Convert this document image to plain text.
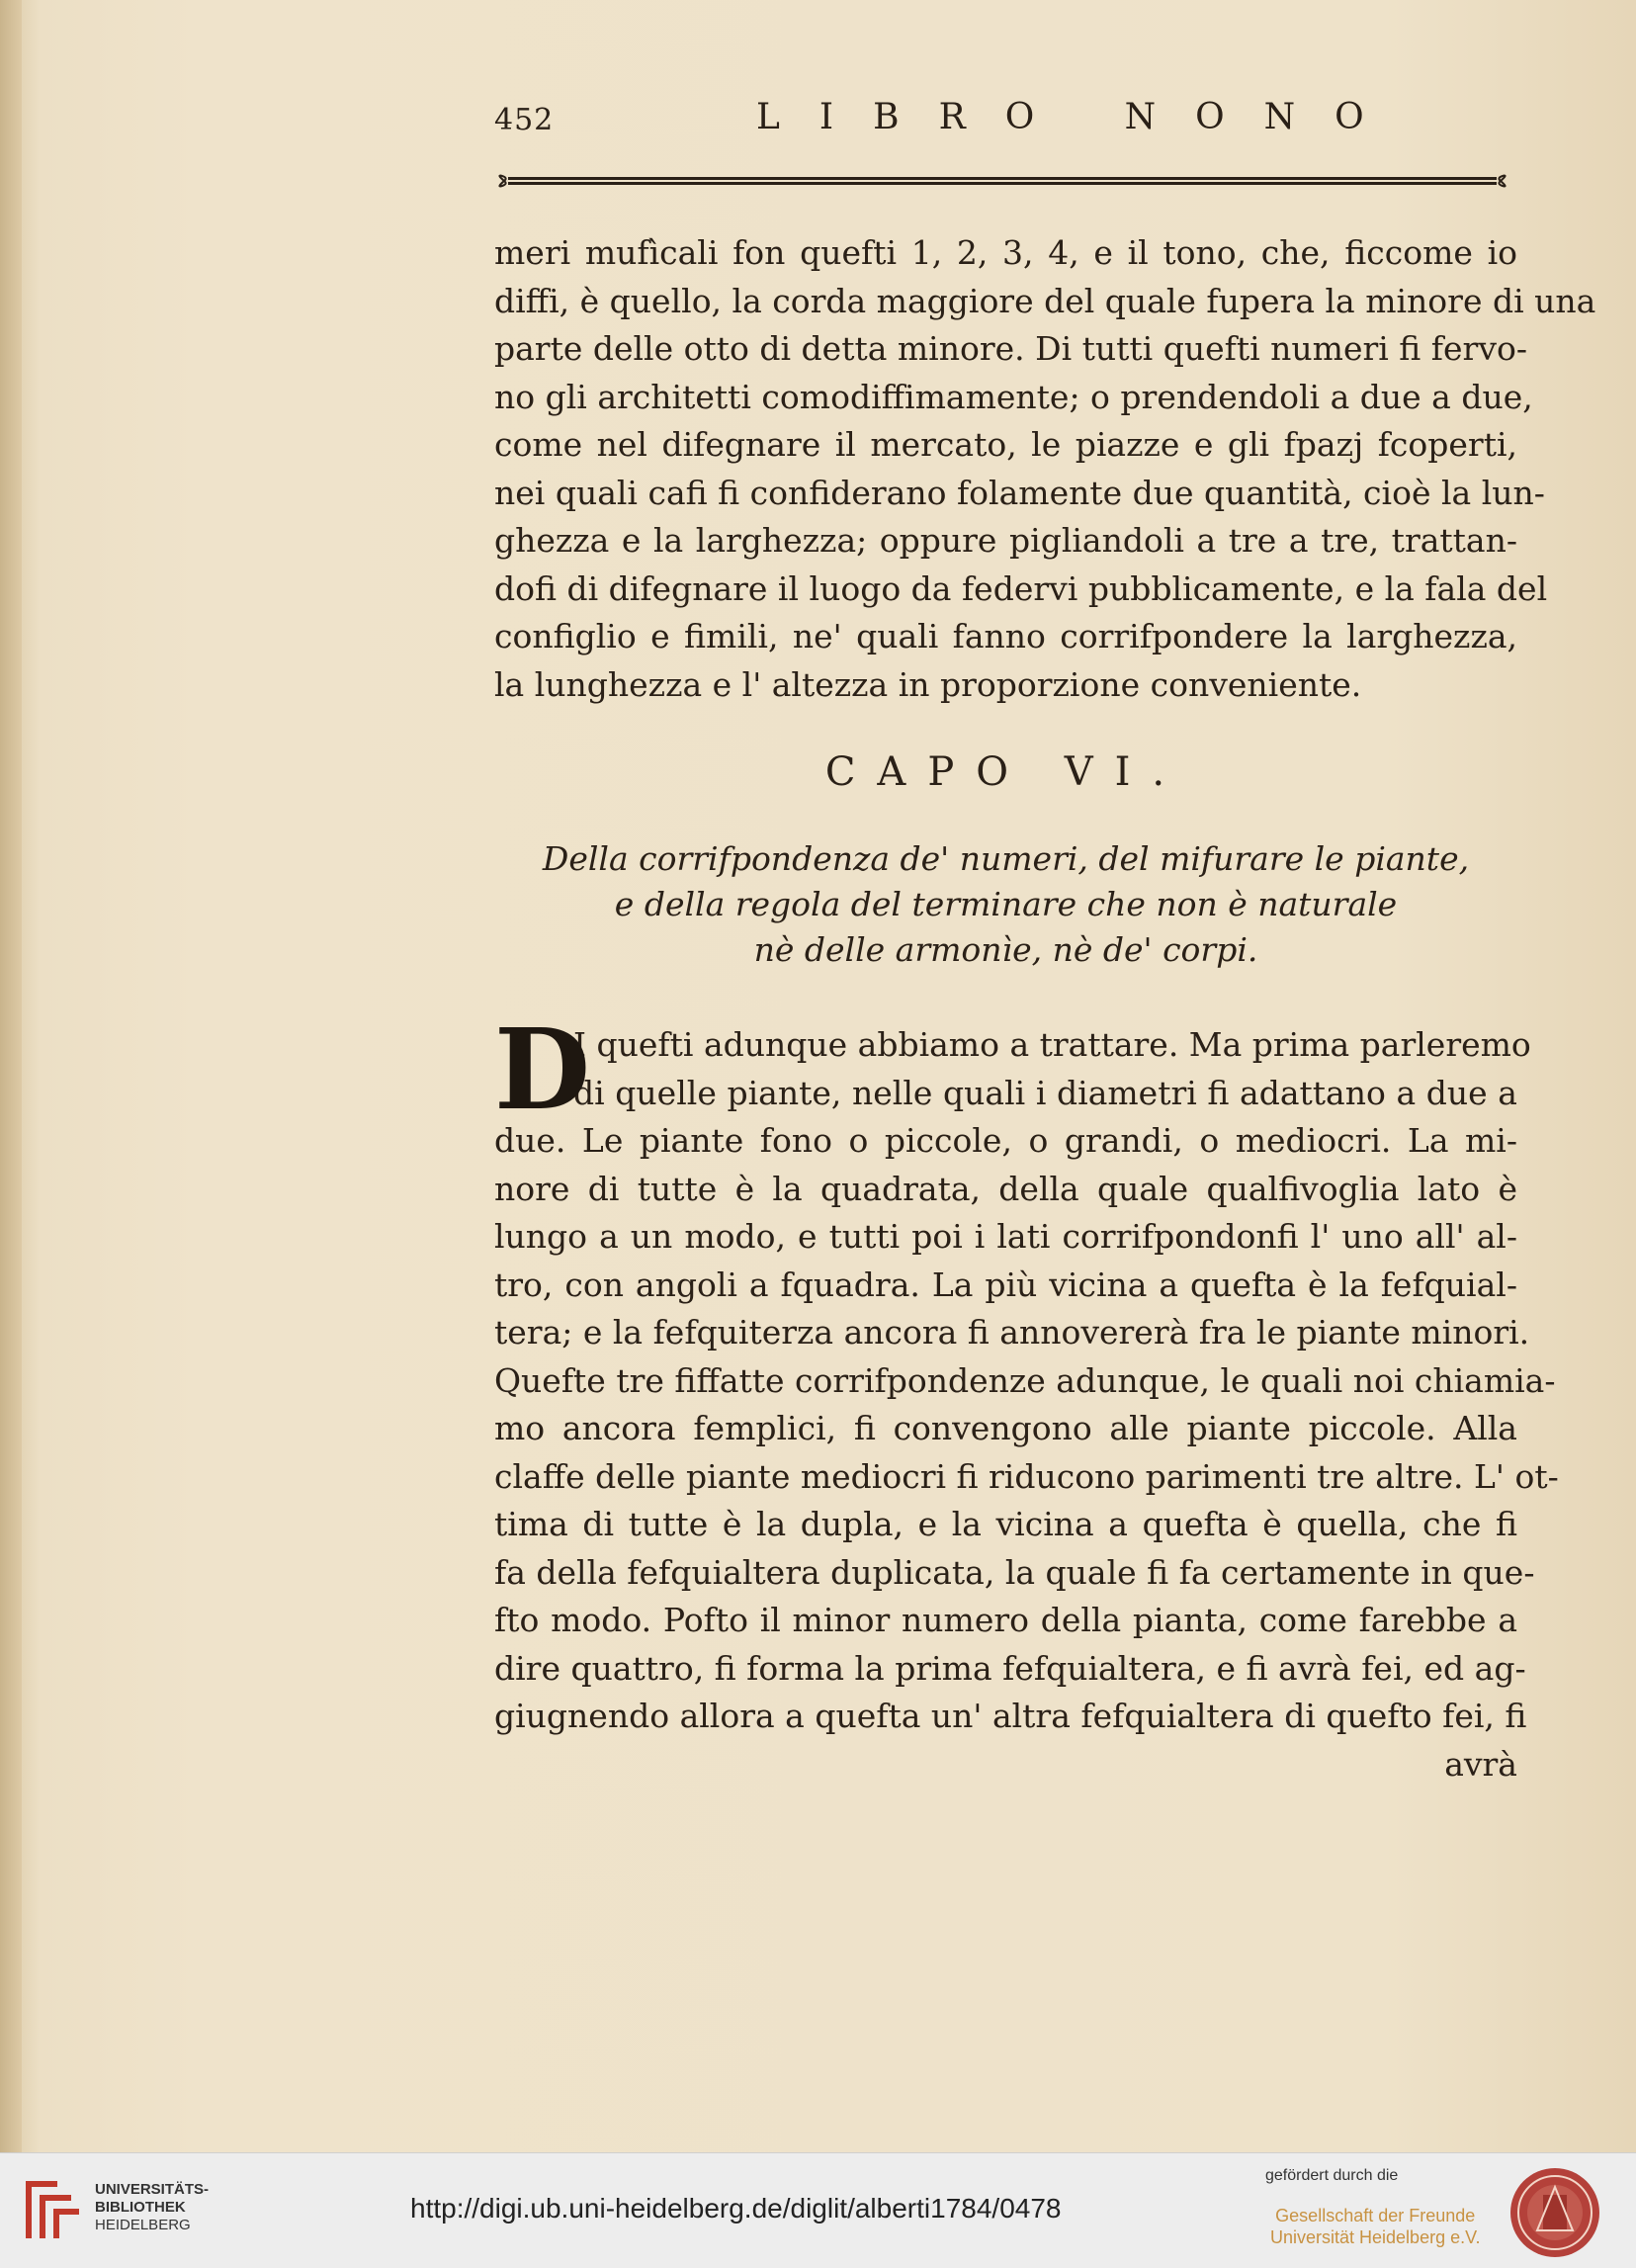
452	LIBRO NONO
meri mufìcali fon quefti 1, 2, 3, 4, e il tono, che, ficcome io
diffi, è quello, la corda maggiore del quale fupera la minore di una
parte delle otto di detta minore. Di tutti quefti numeri fi fervo-
no gli architetti comodiffimamente; o prendendoli a due a due,
come nel difegnare il mercato, le piazze e gli fpazj fcoperti,
nei quali cafi fi confiderano folamente due quantità, cioè la lun-
ghezza e la larghezza; oppure pigliandoli a tre a tre, trattan-
dofi di difegnare il luogo da federvi pubblicamente, e la fala del
configlio e fimili, ne' quali fanno corrifpondere la larghezza,
la lunghezza e l' altezza in proporzione conveniente.
CAPO VI.
Della corrifpondenza de' numeri, del mifurare le piante,
e della regola del terminare che non è naturale
nè delle armonìe, nè de' corpi.
D
I quefti adunque abbiamo a trattare. Ma prima parleremo
di quelle piante, nelle quali i diametri fi adattano a due a
due. Le piante fono o piccole, o grandi, o mediocri. La mi-
nore di tutte è la quadrata, della quale qualfivoglia lato è
lungo a un modo, e tutti poi i lati corrifpondonfi l' uno all' al-
tro, con angoli a fquadra. La più vicina a quefta è la fefquial-
tera; e la fefquiterza ancora fi annovererà fra le piante minori.
Quefte tre fiffatte corrifpondenze adunque, le quali noi chiamia-
mo ancora femplici, fi convengono alle piante piccole. Alla
claffe delle piante mediocri fi riducono parimenti tre altre. L' ot-
tima di tutte è la dupla, e la vicina a quefta è quella, che fi
fa della fefquialtera duplicata, la quale fi fa certamente in que-
fto modo. Pofto il minor numero della pianta, come farebbe a
dire quattro, fi forma la prima fefquialtera, e fi avrà fei, ed ag-
giugnendo allora a quefta un' altra fefquialtera di quefto fei, fi
avrà
UNIVERSITÄTS-
BIBLIOTHEK
HEIDELBERG
http://digi.ub.uni-heidelberg.de/diglit/alberti1784/0478
gefördert durch die
Gesellschaft der Freunde
Universität Heidelberg e.V.
